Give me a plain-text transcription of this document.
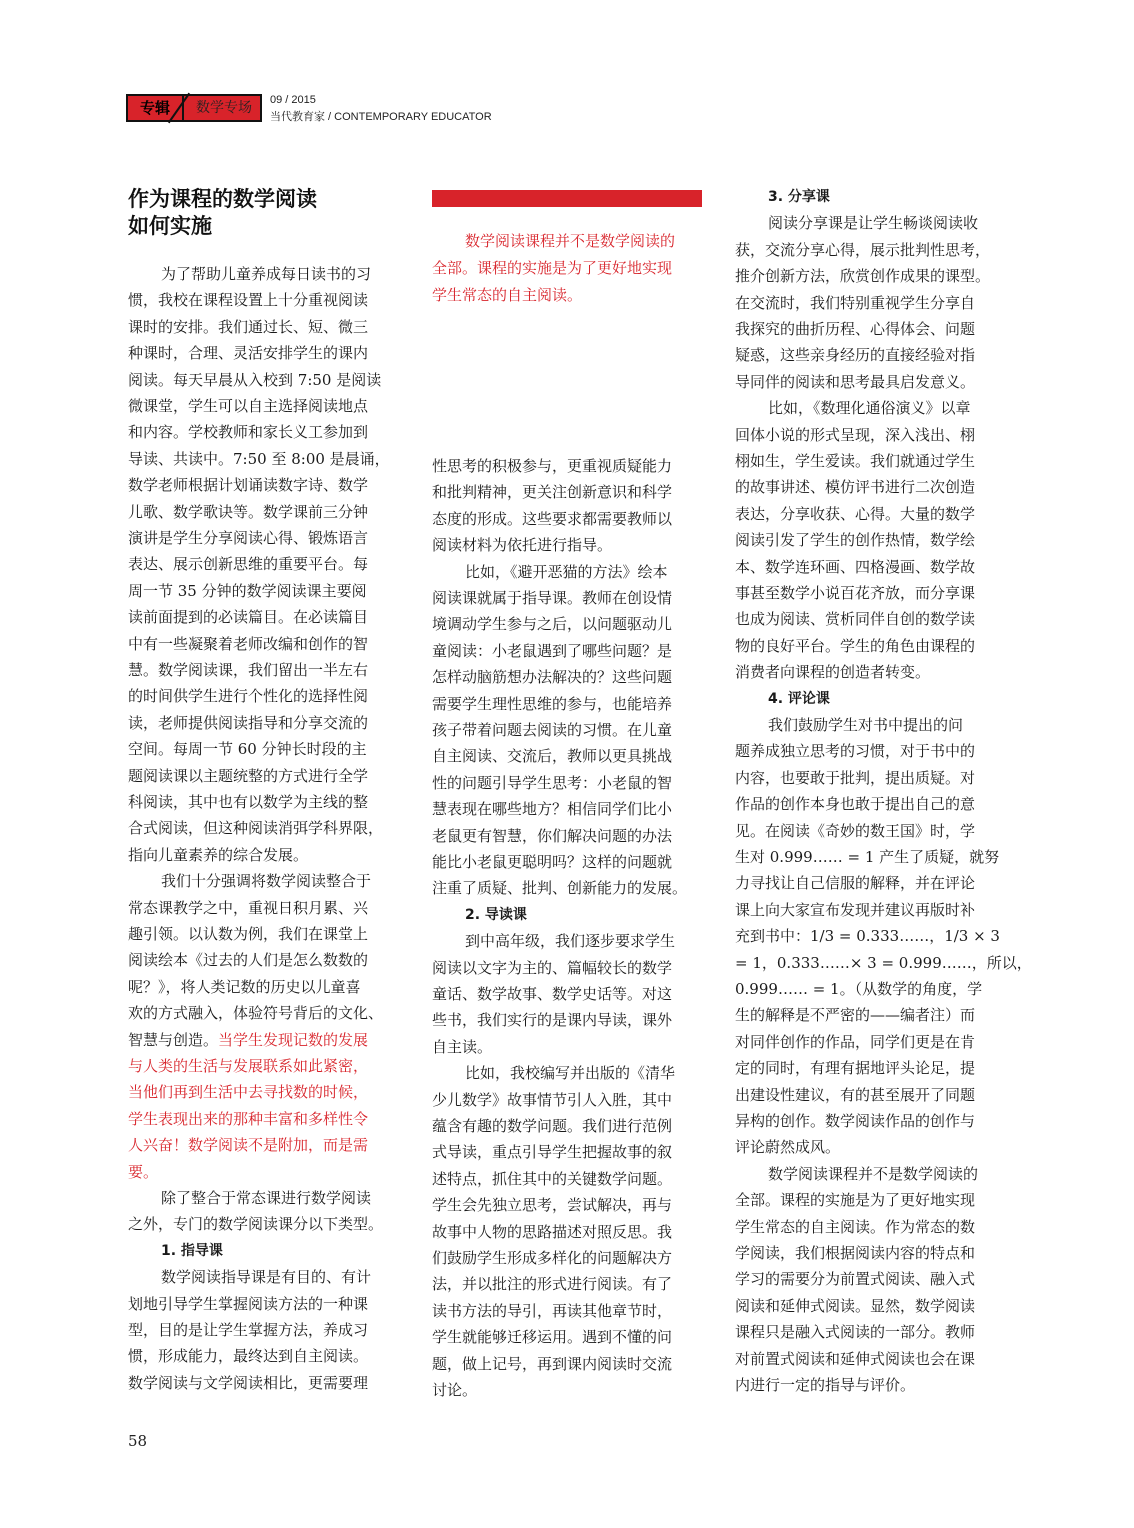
专辑	数学专场	09 / 2015
当代教育家 / CONTEMPORARY EDUCATOR
作为课程的数学阅读
如何实施
数学阅读课程并不是数学阅读的
全部。课程的实施是为了更好地实现
学生常态的自主阅读。
为了帮助儿童养成每日读书的习
惯，我校在课程设置上十分重视阅读
课时的安排。我们通过长、短、微三
种课时，合理、灵活安排学生的课内
阅读。每天早晨从入校到 7:50 是阅读
微课堂，学生可以自主选择阅读地点
和内容。学校教师和家长义工参加到
导读、共读中。7:50 至 8:00 是晨诵，
数学老师根据计划诵读数字诗、数学
儿歌、数学歌诀等。数学课前三分钟
演讲是学生分享阅读心得、锻炼语言
表达、展示创新思维的重要平台。每
周一节 35 分钟的数学阅读课主要阅
读前面提到的必读篇目。在必读篇目
中有一些凝聚着老师改编和创作的智
慧。数学阅读课，我们留出一半左右
的时间供学生进行个性化的选择性阅
读，老师提供阅读指导和分享交流的
空间。每周一节 60 分钟长时段的主
题阅读课以主题统整的方式进行全学
科阅读，其中也有以数学为主线的整
合式阅读，但这种阅读消弭学科界限，
指向儿童素养的综合发展。
我们十分强调将数学阅读整合于
常态课教学之中，重视日积月累、兴
趣引领。以认数为例，我们在课堂上
阅读绘本《过去的人们是怎么数数的
呢？》，将人类记数的历史以儿童喜
欢的方式融入，体验符号背后的文化、
智慧与创造。当学生发现记数的发展
与人类的生活与发展联系如此紧密，
当他们再到生活中去寻找数的时候，
学生表现出来的那种丰富和多样性令
人兴奋！数学阅读不是附加，而是需
要。
除了整合于常态课进行数学阅读
之外，专门的数学阅读课分以下类型。
1. 指导课
数学阅读指导课是有目的、有计
划地引导学生掌握阅读方法的一种课
型，目的是让学生掌握方法，养成习
惯，形成能力，最终达到自主阅读。
数学阅读与文学阅读相比，更需要理
性思考的积极参与，更重视质疑能力
和批判精神，更关注创新意识和科学
态度的形成。这些要求都需要教师以
阅读材料为依托进行指导。
比如，《避开恶猫的方法》绘本
阅读课就属于指导课。教师在创设情
境调动学生参与之后，以问题驱动儿
童阅读：小老鼠遇到了哪些问题？是
怎样动脑筋想办法解决的？这些问题
需要学生理性思维的参与，也能培养
孩子带着问题去阅读的习惯。在儿童
自主阅读、交流后，教师以更具挑战
性的问题引导学生思考：小老鼠的智
慧表现在哪些地方？相信同学们比小
老鼠更有智慧，你们解决问题的办法
能比小老鼠更聪明吗？这样的问题就
注重了质疑、批判、创新能力的发展。
2. 导读课
到中高年级，我们逐步要求学生
阅读以文字为主的、篇幅较长的数学
童话、数学故事、数学史话等。对这
些书，我们实行的是课内导读，课外
自主读。
比如，我校编写并出版的《清华
少儿数学》故事情节引人入胜，其中
蕴含有趣的数学问题。我们进行范例
式导读，重点引导学生把握故事的叙
述特点，抓住其中的关键数学问题。
学生会先独立思考，尝试解决，再与
故事中人物的思路描述对照反思。我
们鼓励学生形成多样化的问题解决方
法，并以批注的形式进行阅读。有了
读书方法的导引，再读其他章节时，
学生就能够迁移运用。遇到不懂的问
题，做上记号，再到课内阅读时交流
讨论。
3. 分享课
阅读分享课是让学生畅谈阅读收
获，交流分享心得，展示批判性思考，
推介创新方法，欣赏创作成果的课型。
在交流时，我们特别重视学生分享自
我探究的曲折历程、心得体会、问题
疑惑，这些亲身经历的直接经验对指
导同伴的阅读和思考最具启发意义。
比如，《数理化通俗演义》以章
回体小说的形式呈现，深入浅出、栩
栩如生，学生爱读。我们就通过学生
的故事讲述、模仿评书进行二次创造
表达，分享收获、心得。大量的数学
阅读引发了学生的创作热情，数学绘
本、数学连环画、四格漫画、数学故
事甚至数学小说百花齐放，而分享课
也成为阅读、赏析同伴自创的数学读
物的良好平台。学生的角色由课程的
消费者向课程的创造者转变。
4. 评论课
我们鼓励学生对书中提出的问
题养成独立思考的习惯，对于书中的
内容，也要敢于批判，提出质疑。对
作品的创作本身也敢于提出自己的意
见。在阅读《奇妙的数王国》时，学
生对 0.999…… = 1 产生了质疑，就努
力寻找让自己信服的解释，并在评论
课上向大家宣布发现并建议再版时补
充到书中：1/3 = 0.333……，1/3 × 3
= 1，0.333……× 3 = 0.999……，所以，
0.999…… = 1。（从数学的角度，学
生的解释是不严密的——编者注）而
对同伴创作的作品，同学们更是在肯
定的同时，有理有据地评头论足，提
出建设性建议，有的甚至展开了同题
异构的创作。数学阅读作品的创作与
评论蔚然成风。
数学阅读课程并不是数学阅读的
全部。课程的实施是为了更好地实现
学生常态的自主阅读。作为常态的数
学阅读，我们根据阅读内容的特点和
学习的需要分为前置式阅读、融入式
阅读和延伸式阅读。显然，数学阅读
课程只是融入式阅读的一部分。教师
对前置式阅读和延伸式阅读也会在课
内进行一定的指导与评价。
58
